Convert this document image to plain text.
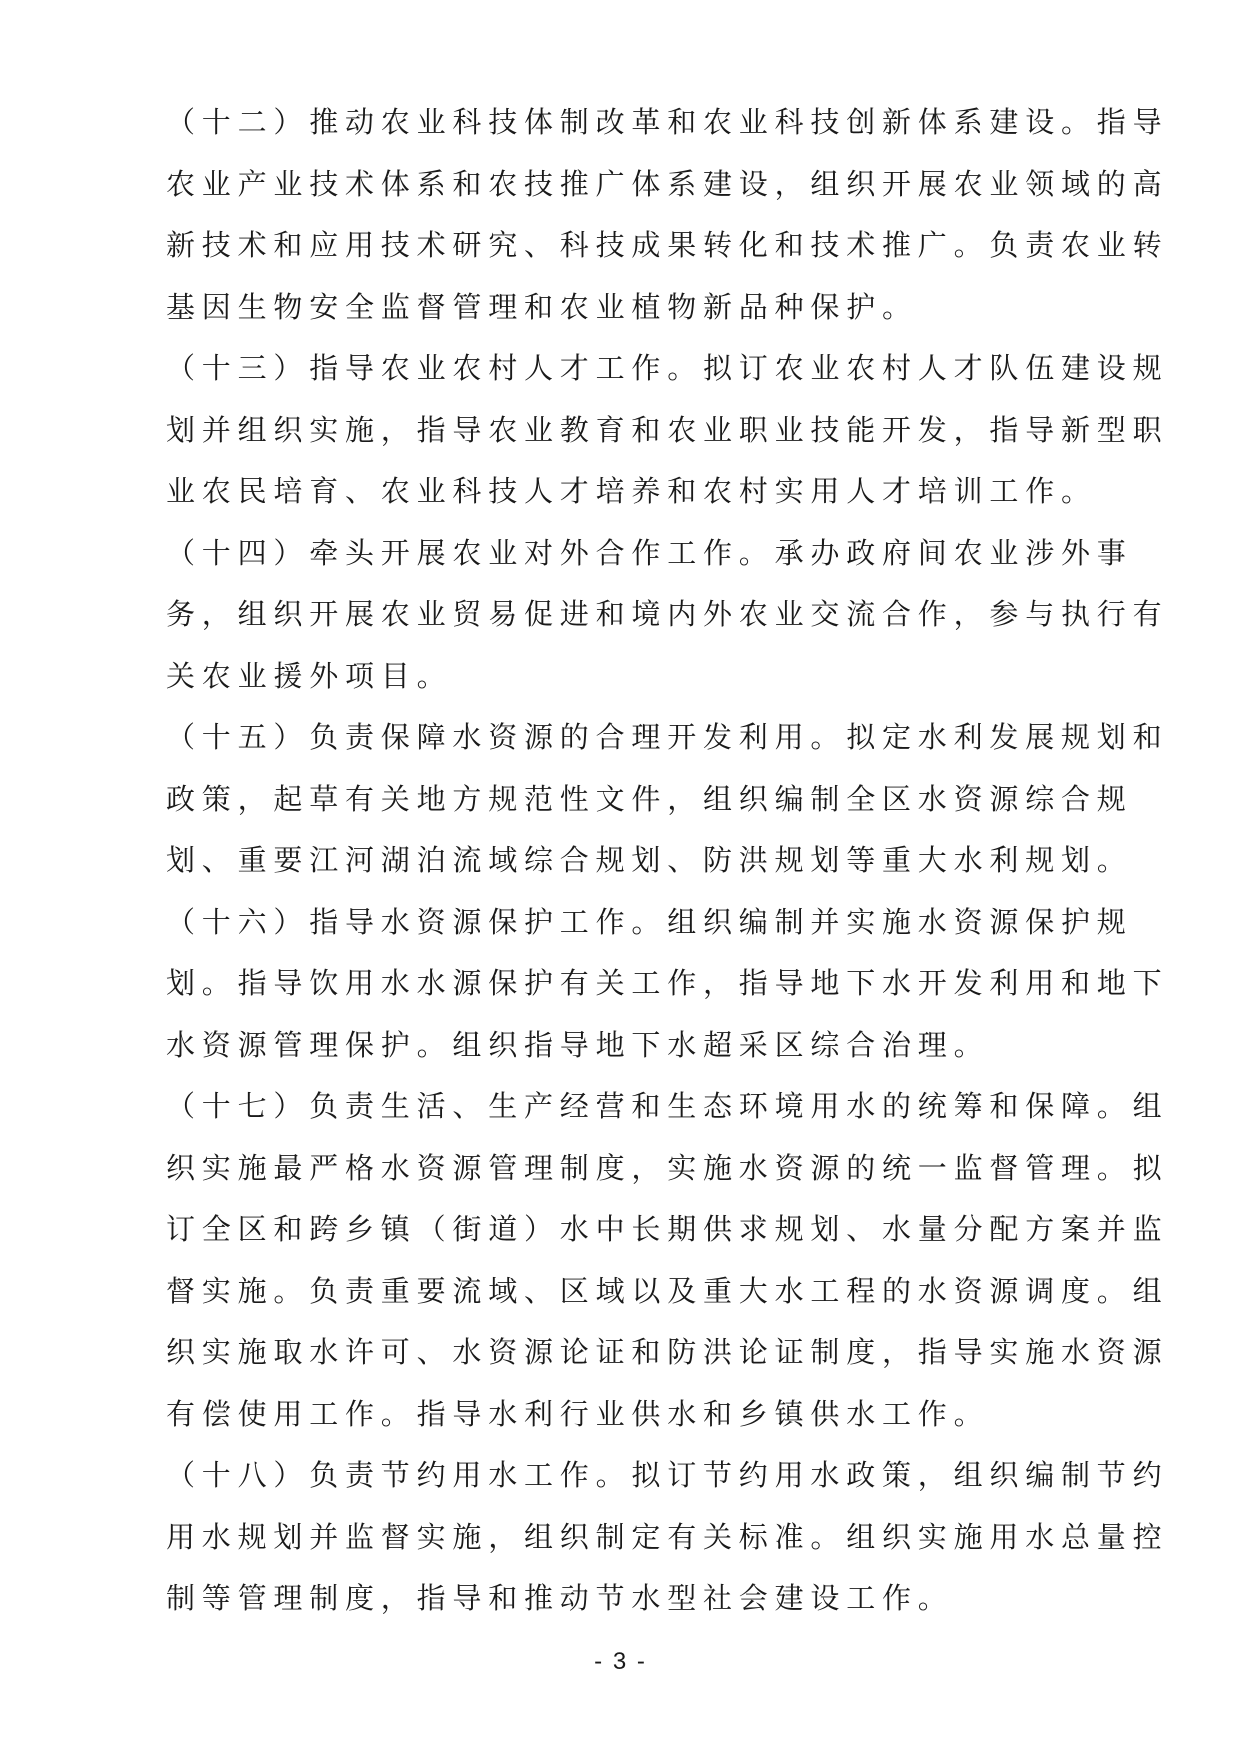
（十二）推动农业科技体制改革和农业科技创新体系建设。指导
农业产业技术体系和农技推广体系建设，组织开展农业领域的高
新技术和应用技术研究、科技成果转化和技术推广。负责农业转
基因生物安全监督管理和农业植物新品种保护。
（十三）指导农业农村人才工作。拟订农业农村人才队伍建设规
划并组织实施，指导农业教育和农业职业技能开发，指导新型职
业农民培育、农业科技人才培养和农村实用人才培训工作。
（十四）牵头开展农业对外合作工作。承办政府间农业涉外事
务，组织开展农业贸易促进和境内外农业交流合作，参与执行有
关农业援外项目。
（十五）负责保障水资源的合理开发利用。拟定水利发展规划和
政策，起草有关地方规范性文件，组织编制全区水资源综合规
划、重要江河湖泊流域综合规划、防洪规划等重大水利规划。
（十六）指导水资源保护工作。组织编制并实施水资源保护规
划。指导饮用水水源保护有关工作，指导地下水开发利用和地下
水资源管理保护。组织指导地下水超采区综合治理。
（十七）负责生活、生产经营和生态环境用水的统筹和保障。组
织实施最严格水资源管理制度，实施水资源的统一监督管理。拟
订全区和跨乡镇（街道）水中长期供求规划、水量分配方案并监
督实施。负责重要流域、区域以及重大水工程的水资源调度。组
织实施取水许可、水资源论证和防洪论证制度，指导实施水资源
有偿使用工作。指导水利行业供水和乡镇供水工作。
（十八）负责节约用水工作。拟订节约用水政策，组织编制节约
用水规划并监督实施，组织制定有关标准。组织实施用水总量控
制等管理制度，指导和推动节水型社会建设工作。
- 3 -
